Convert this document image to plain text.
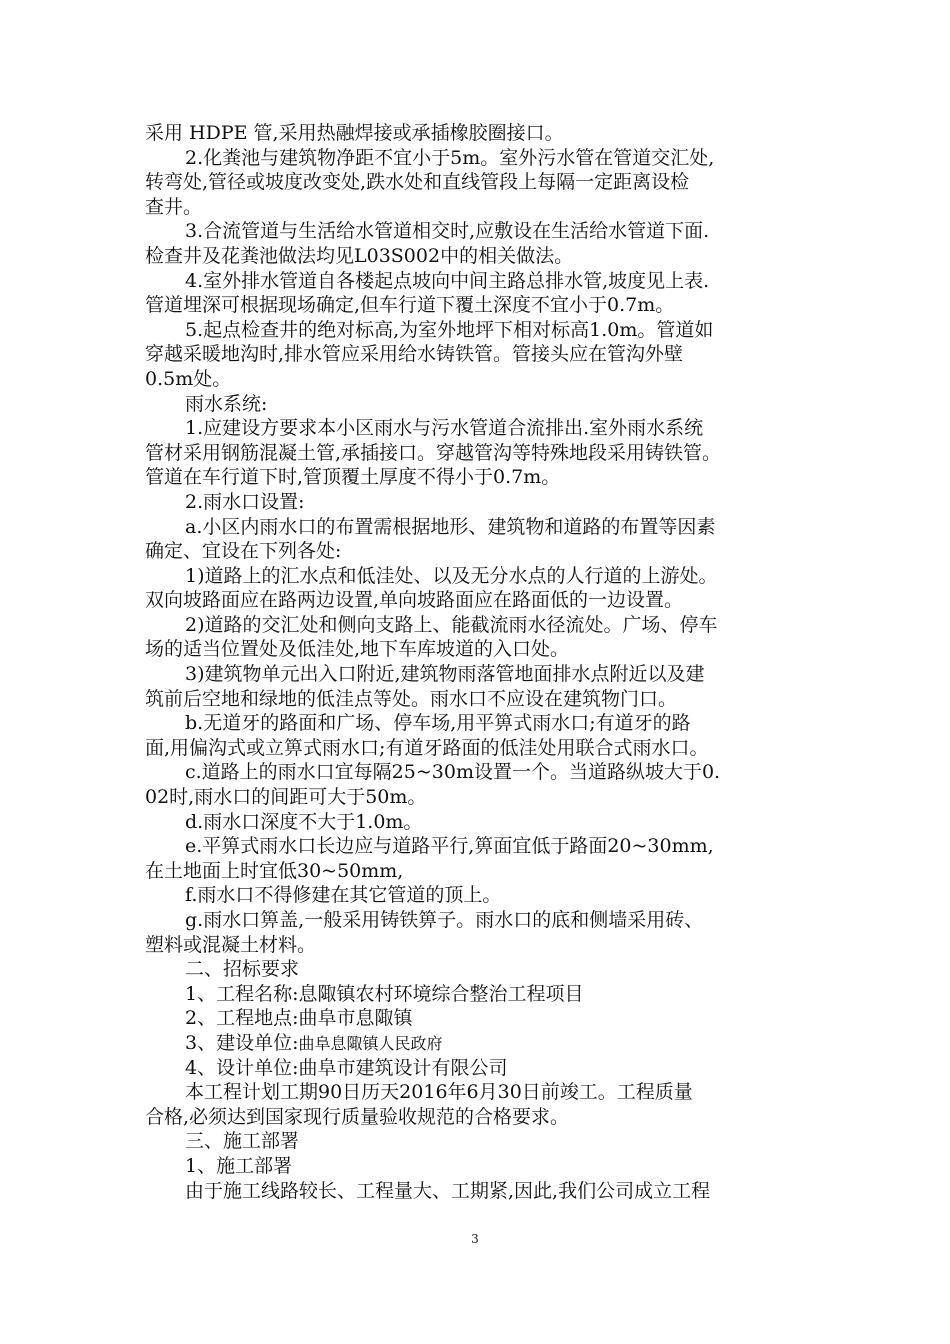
采用 HDPE 管,采用热融焊接或承插橡胶圈接口。
2.化粪池与建筑物净距不宜小于5m。室外污水管在管道交汇处,
转弯处,管径或坡度改变处,跌水处和直线管段上每隔一定距离设检
查井。
3.合流管道与生活给水管道相交时,应敷设在生活给水管道下面.
检查井及花粪池做法均见L03S002中的相关做法。
4.室外排水管道自各楼起点坡向中间主路总排水管,坡度见上表.
管道埋深可根据现场确定,但车行道下覆土深度不宜小于0.7m。
5.起点检查井的绝对标高,为室外地坪下相对标高1.0m。管道如
穿越采暖地沟时,排水管应采用给水铸铁管。管接头应在管沟外壁
0.5m处。
雨水系统:
1.应建设方要求本小区雨水与污水管道合流排出.室外雨水系统
管材采用钢筋混凝土管,承插接口。穿越管沟等特殊地段采用铸铁管。
管道在车行道下时,管顶覆土厚度不得小于0.7m。
2.雨水口设置:
a.小区内雨水口的布置需根据地形、建筑物和道路的布置等因素
确定、宜设在下列各处:
1)道路上的汇水点和低洼处、以及无分水点的人行道的上游处。
双向坡路面应在路两边设置,单向坡路面应在路面低的一边设置。
2)道路的交汇处和侧向支路上、能截流雨水径流处。广场、停车
场的适当位置处及低洼处,地下车库坡道的入口处。
3)建筑物单元出入口附近,建筑物雨落管地面排水点附近以及建
筑前后空地和绿地的低洼点等处。雨水口不应设在建筑物门口。
b.无道牙的路面和广场、停车场,用平箅式雨水口;有道牙的路
面,用偏沟式或立箅式雨水口;有道牙路面的低洼处用联合式雨水口。
c.道路上的雨水口宜每隔25~30m设置一个。当道路纵坡大于0.
02时,雨水口的间距可大于50m。
d.雨水口深度不大于1.0m。
e.平箅式雨水口长边应与道路平行,箅面宜低于路面20~30mm,
在土地面上时宜低30~50mm,
f.雨水口不得修建在其它管道的顶上。
g.雨水口箅盖,一般采用铸铁箅子。雨水口的底和侧墙采用砖、
塑料或混凝土材料。
二、招标要求
1、工程名称:息陬镇农村环境综合整治工程项目
2、工程地点:曲阜市息陬镇
3、建设单位:曲阜息陬镇人民政府
4、设计单位:曲阜市建筑设计有限公司
本工程计划工期90日历天2016年6月30日前竣工。工程质量
合格,必须达到国家现行质量验收规范的合格要求。
三、施工部署
1、施工部署
由于施工线路较长、工程量大、工期紧,因此,我们公司成立工程
3
